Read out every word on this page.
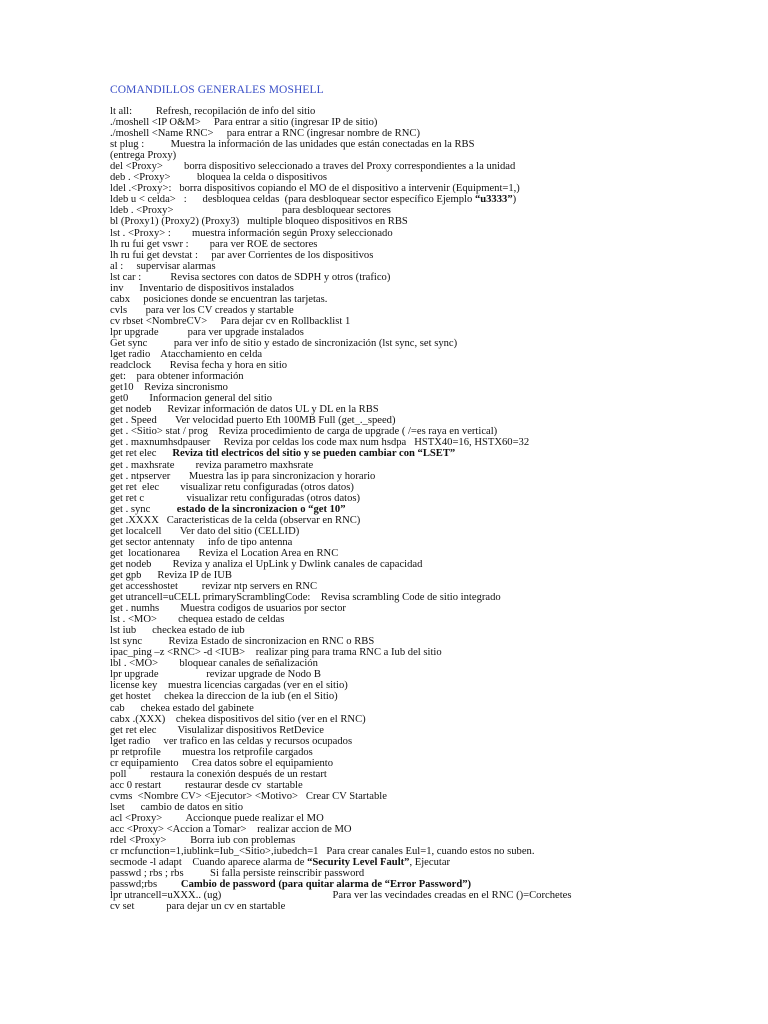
COMANDILLOS GENERALES MOSHELL
lt all:         Refresh, recopilación de info del sitio
./moshell <IP O&M>     Para entrar a sitio (ingresar IP de sitio)
./moshell <Name RNC>     para entrar a RNC (ingresar nombre de RNC)
st plug :          Muestra la información de las unidades que están conectadas en la RBS
(entrega Proxy)
del <Proxy>        borra dispositivo seleccionado a traves del Proxy correspondientes a la unidad
deb . <Proxy>          bloquea la celda o dispositivos
ldel .<Proxy>:   borra dispositivos copiando el MO de el dispositivo a intervenir (Equipment=1,)
ldeb u < celda>   :      desbloquea celdas  (para desbloquear sector específico Ejemplo “u3333”)
ldeb . <Proxy>                                         para desbloquear sectores
bl (Proxy1) (Proxy2) (Proxy3)   multiple bloqueo dispositivos en RBS
lst . <Proxy> :        muestra información según Proxy seleccionado
lh ru fui get vswr :        para ver ROE de sectores
lh ru fui get devstat :     par aver Corrientes de los dispositivos
al :     supervisar alarmas
lst car :           Revisa sectores con datos de SDPH y otros (trafico)
inv      Inventario de dispositivos instalados
cabx     posiciones donde se encuentran las tarjetas.
cvls       para ver los CV creados y startable
cv rbset <NombreCV>     Para dejar cv en Rollbacklist 1
lpr upgrade           para ver upgrade instalados
Get sync          para ver info de sitio y estado de sincronización (lst sync, set sync)
lget radio    Atacchamiento en celda
readclock       Revisa fecha y hora en sitio
get:    para obtener información
get10    Reviza sincronismo
get0        Informacion general del sitio
get nodeb      Revizar información de datos UL y DL en la RBS
get . Speed       Ver velocidad puerto Eth 100MB Full (get_._speed)
get . <Sitio> stat / prog    Reviza procedimiento de carga de upgrade ( /=es raya en vertical)
get . maxnumhsdpauser     Reviza por celdas los code max num hsdpa   HSTX40=16, HSTX60=32
get ret elec      Reviza titl electricos del sitio y se pueden cambiar con “LSET”
get . maxhsrate        reviza parametro maxhsrate
get . ntpserver       Muestra las ip para sincronizacion y horario
get ret  elec        visualizar retu configuradas (otros datos)
get ret c                visualizar retu configuradas (otros datos)
get . sync          estado de la sincronizacion o “get 10”
get .XXXX   Caracteristicas de la celda (observar en RNC)
get localcell       Ver dato del sitio (CELLID)
get sector antennaty     info de tipo antenna
get  locationarea       Reviza el Location Area en RNC
get nodeb        Reviza y analiza el UpLink y Dwlink canales de capacidad
get gpb      Reviza IP de IUB
get accesshostet         revizar ntp servers en RNC
get utrancell=uCELL primaryScramblingCode:    Revisa scrambling Code de sitio integrado
get . numhs        Muestra codigos de usuarios por sector
lst . <MO>        chequea estado de celdas
lst iub      checkea estado de iub
lst sync          Reviza Estado de sincronizacion en RNC o RBS
ipac_ping –z <RNC> -d <IUB>    realizar ping para trama RNC a Iub del sitio
lbl . <MO>        bloquear canales de señalización
lpr upgrade                  revizar upgrade de Nodo B
license key    muestra licencias cargadas (ver en el sitio)
get hostet     chekea la direccion de la iub (en el Sitio)
cab      chekea estado del gabinete
cabx .(XXX)    chekea dispositivos del sitio (ver en el RNC)
get ret elec        Visulalizar dispositivos RetDevice
lget radio     ver trafico en las celdas y recursos ocupados
pr retprofile        muestra los retprofile cargados
cr equipamiento     Crea datos sobre el equipamiento
poll         restaura la conexión después de un restart
acc 0 restart         restaurar desde cv  startable
cvms  <Nombre CV> <Ejecutor> <Motivo>   Crear CV Startable
lset      cambio de datos en sitio
acl <Proxy>         Accionque puede realizar el MO
acc <Proxy> <Accion a Tomar>    realizar accion de MO
rdel <Proxy>         Borra iub con problemas
cr rncfunction=1,iublink=Iub_<Sitio>,iubedch=1   Para crear canales Eul=1, cuando estos no suben.
secmode -l adapt    Cuando aparece alarma de “Security Level Fault”, Ejecutar
passwd ; rbs ; rbs          Si falla persiste reinscribir password
passwd;rbs         Cambio de password (para quitar alarma de “Error Password”)
lpr utrancell=uXXX.. (ug)                                          Para ver las vecindades creadas en el RNC ()=Corchetes
cv set            para dejar un cv en startable
